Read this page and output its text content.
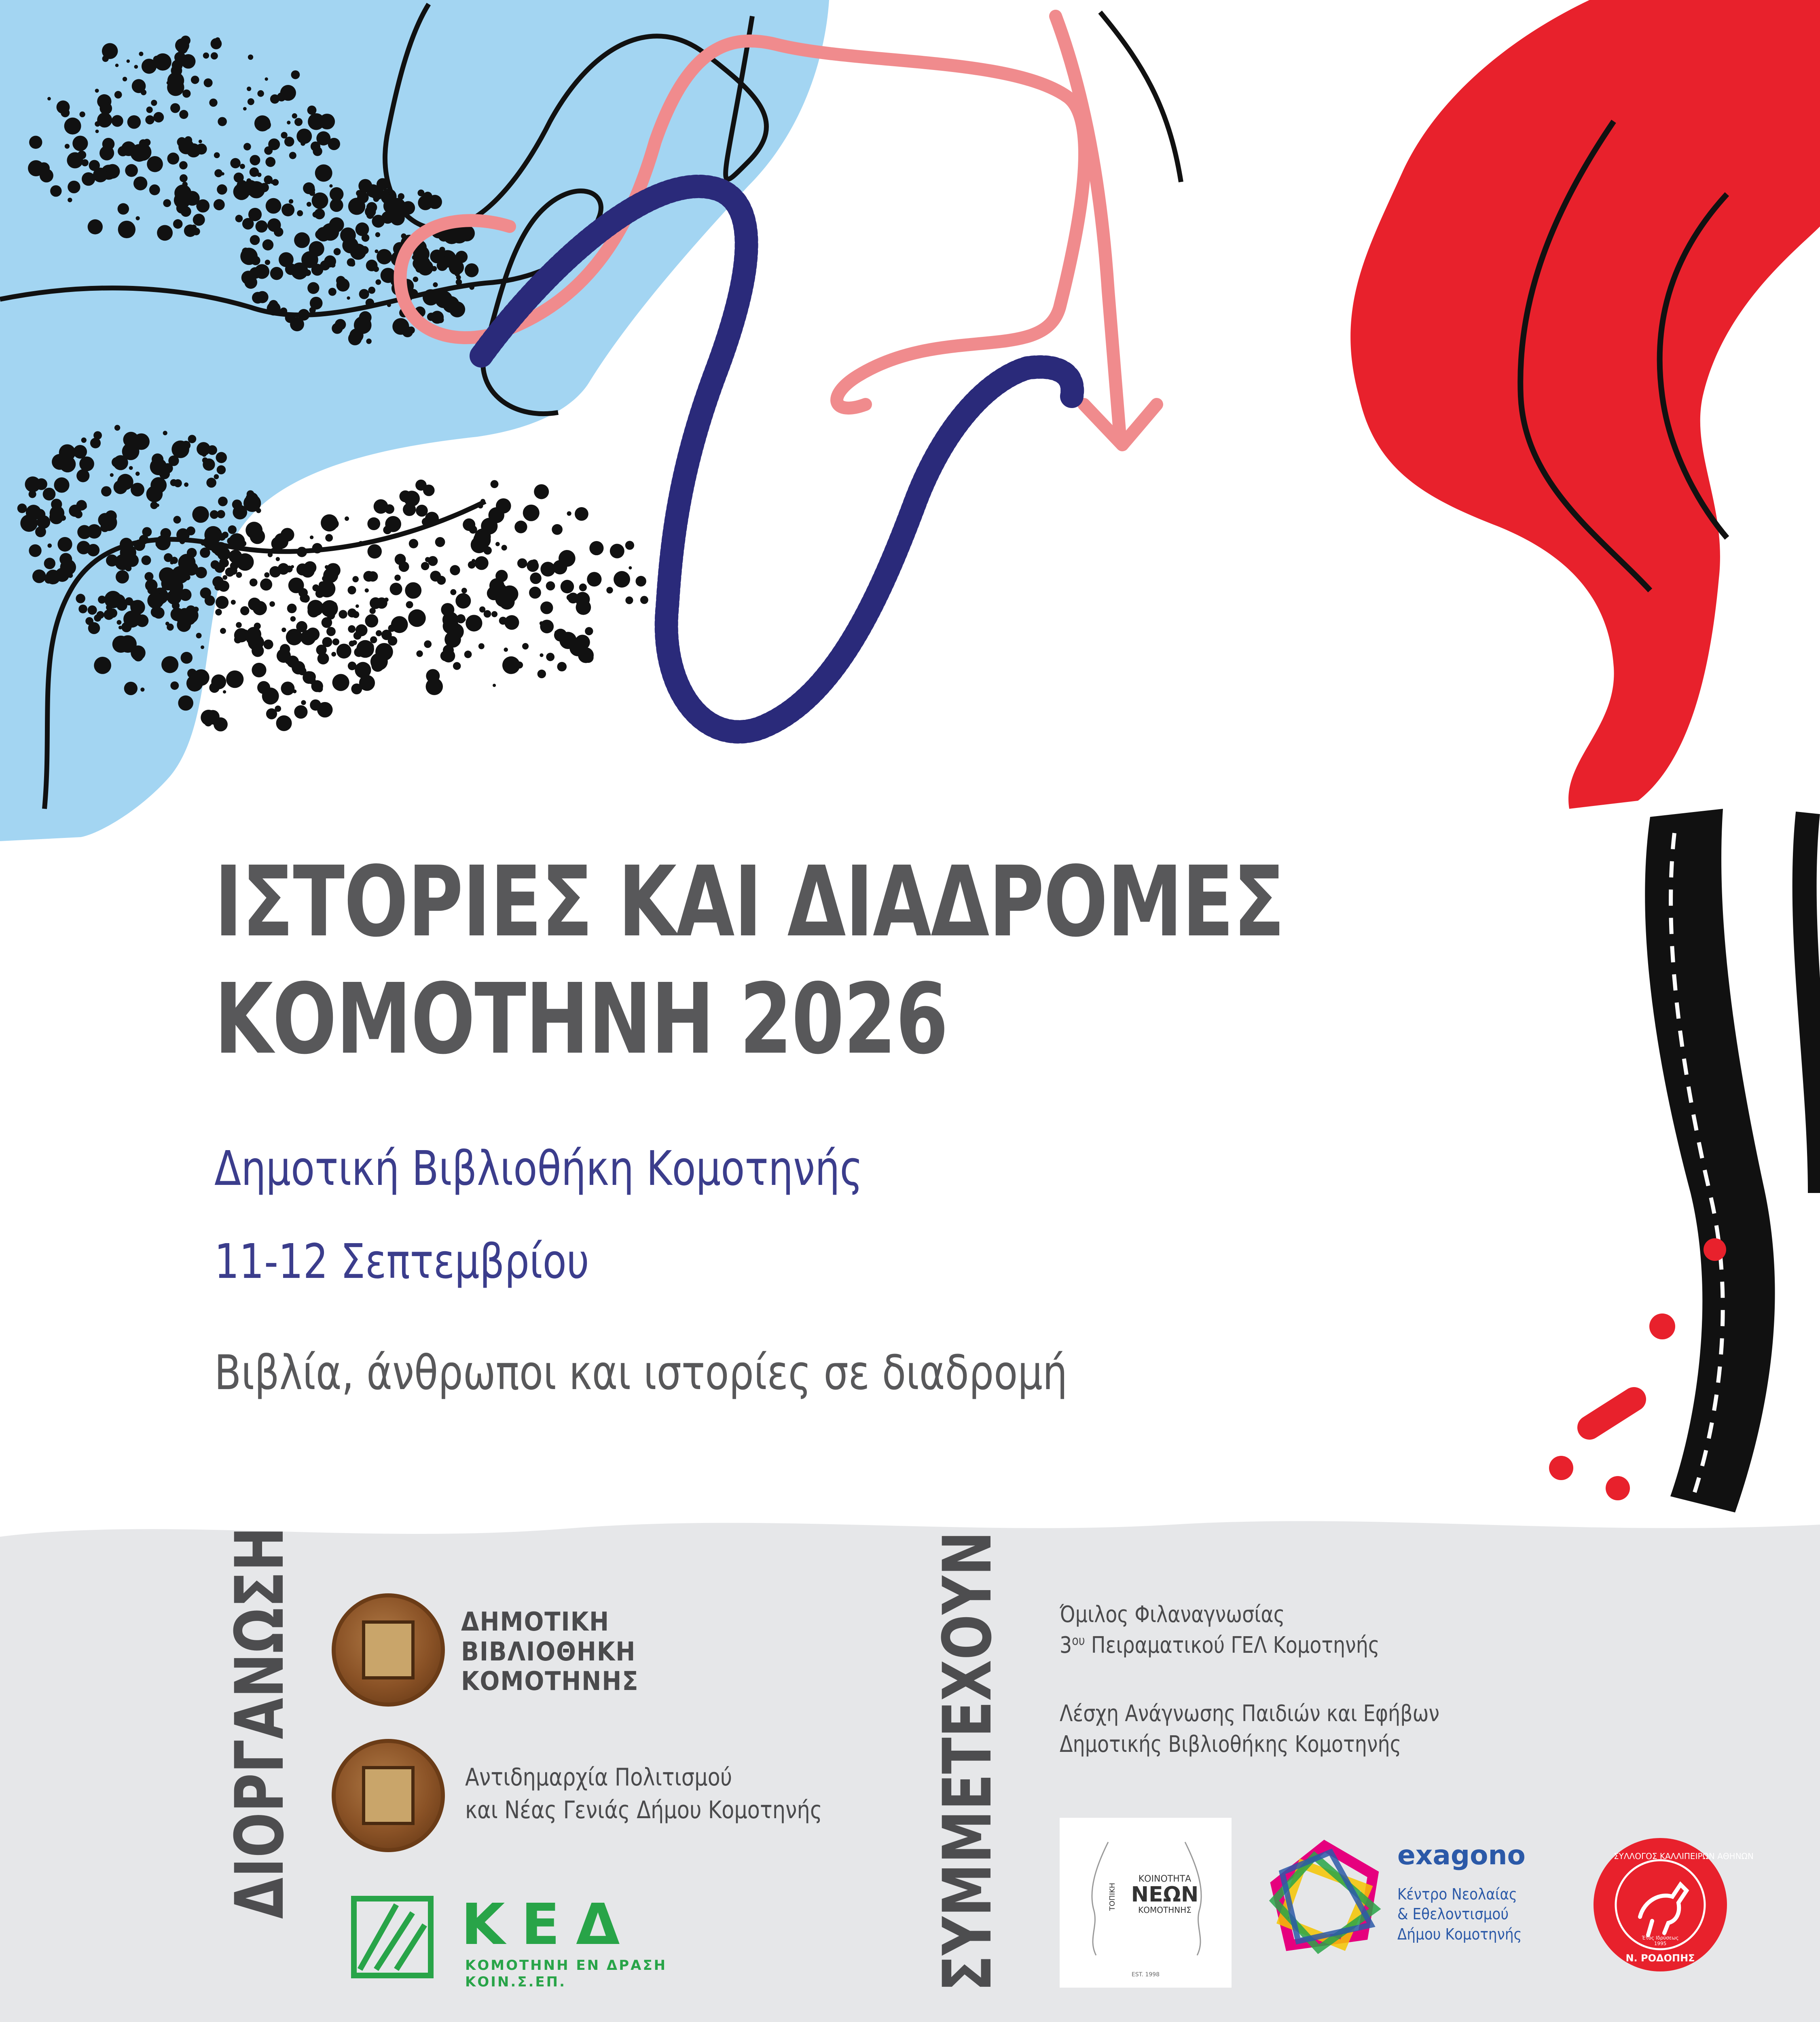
ΙΣΤΟΡΙΕΣ ΚΑΙ ΔΙΑΔΡΟΜΕΣ
ΚΟΜΟΤΗΝΗ 2026
Δημοτική Βιβλιοθήκη Κομοτηνής
11-12 Σεπτεμβρίου
Βιβλία, άνθρωποι και ιστορίες σε διαδρομή
ΔΙΟΡΓΑΝΩΣΗ	ΔΗΜΟΤΙΚΗ
ΒΙΒΛΙΟΘΗΚΗ
ΚΟΜΟΤΗΝΗΣ
Αντιδημαρχία Πολιτισμού
και Νέας Γενιάς Δήμου Κομοτηνής
ΚΕΔ
ΚΟΜΟΤΗΝΗ ΕΝ ΔΡΑΣΗ
ΚΟΙΝ.Σ.ΕΠ.	ΣΥΜΜΕΤΕΧΟΥΝ Όμιλος Φιλαναγνωσίας
$3^{o\upsilon}$ Πειραματικού ΓΕΛ Κομοτηνής
Λέσχη Ανάγνωσης Παιδιών και Εφήβων
Δημοτικής Βιβλιοθήκης Κομοτηνής
ΚΟΙΝΟΤΗΤΑ
ΝΕΩΝ
ΚΟΜΟΤΗΝΗΣ
ΤΟΠΙΚΗ
EST. 1998
exagono
Κέντρο Νεολαίας
& Εθελοντισμού
Δήμου Κομοτηνής
ΣΥΛΛΟΓΟΣ ΚΑΛΛΙΠΕΙΡΩΝ ΑΘΗΝΩΝ
Έτος Ιδρύσεως
1995
Ν. ΡΟΔΟΠΗΣ
